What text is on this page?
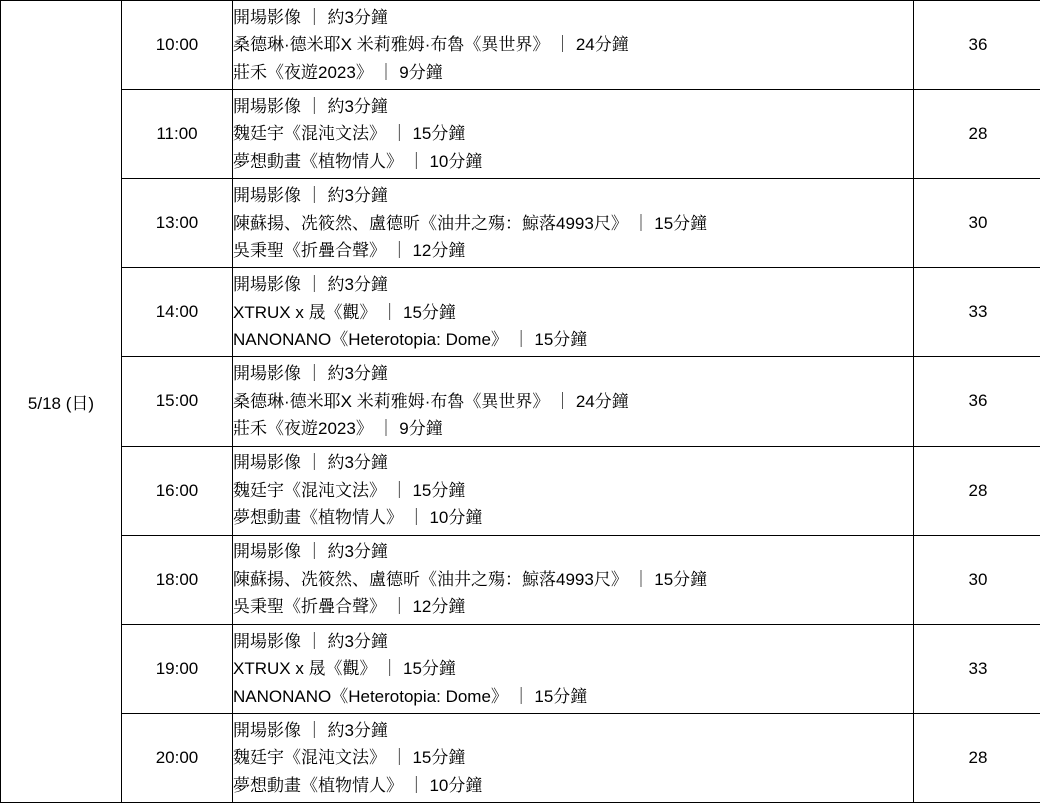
5/18 (日)	10:00	開場影像 ｜ 約3分鐘
桑德琳·德米耶X 米莉雅姆·布魯《異世界》 ｜ 24分鐘
莊禾《夜遊2023》 ｜ 9分鐘	36
	11:00	開場影像 ｜ 約3分鐘
魏廷宇《混沌文法》 ｜ 15分鐘
夢想動畫《植物情人》 ｜ 10分鐘	28
	13:00	開場影像 ｜ 約3分鐘
陳蘇揚、冼筱然、盧德昕《油井之殤：鯨落4993尺》 ｜ 15分鐘
吳秉聖《折疊合聲》 ｜ 12分鐘	30
	14:00	開場影像 ｜ 約3分鐘
XTRUX x 晟《觀》 ｜ 15分鐘
NANONANO《Heterotopia: Dome》 ｜ 15分鐘	33
	15:00	開場影像 ｜ 約3分鐘
桑德琳·德米耶X 米莉雅姆·布魯《異世界》 ｜ 24分鐘
莊禾《夜遊2023》 ｜ 9分鐘	36
	16:00	開場影像 ｜ 約3分鐘
魏廷宇《混沌文法》 ｜ 15分鐘
夢想動畫《植物情人》 ｜ 10分鐘	28
	18:00	開場影像 ｜ 約3分鐘
陳蘇揚、冼筱然、盧德昕《油井之殤：鯨落4993尺》 ｜ 15分鐘
吳秉聖《折疊合聲》 ｜ 12分鐘	30
	19:00	開場影像 ｜ 約3分鐘
XTRUX x 晟《觀》 ｜ 15分鐘
NANONANO《Heterotopia: Dome》 ｜ 15分鐘	33
	20:00	開場影像 ｜ 約3分鐘
魏廷宇《混沌文法》 ｜ 15分鐘
夢想動畫《植物情人》 ｜ 10分鐘	28
